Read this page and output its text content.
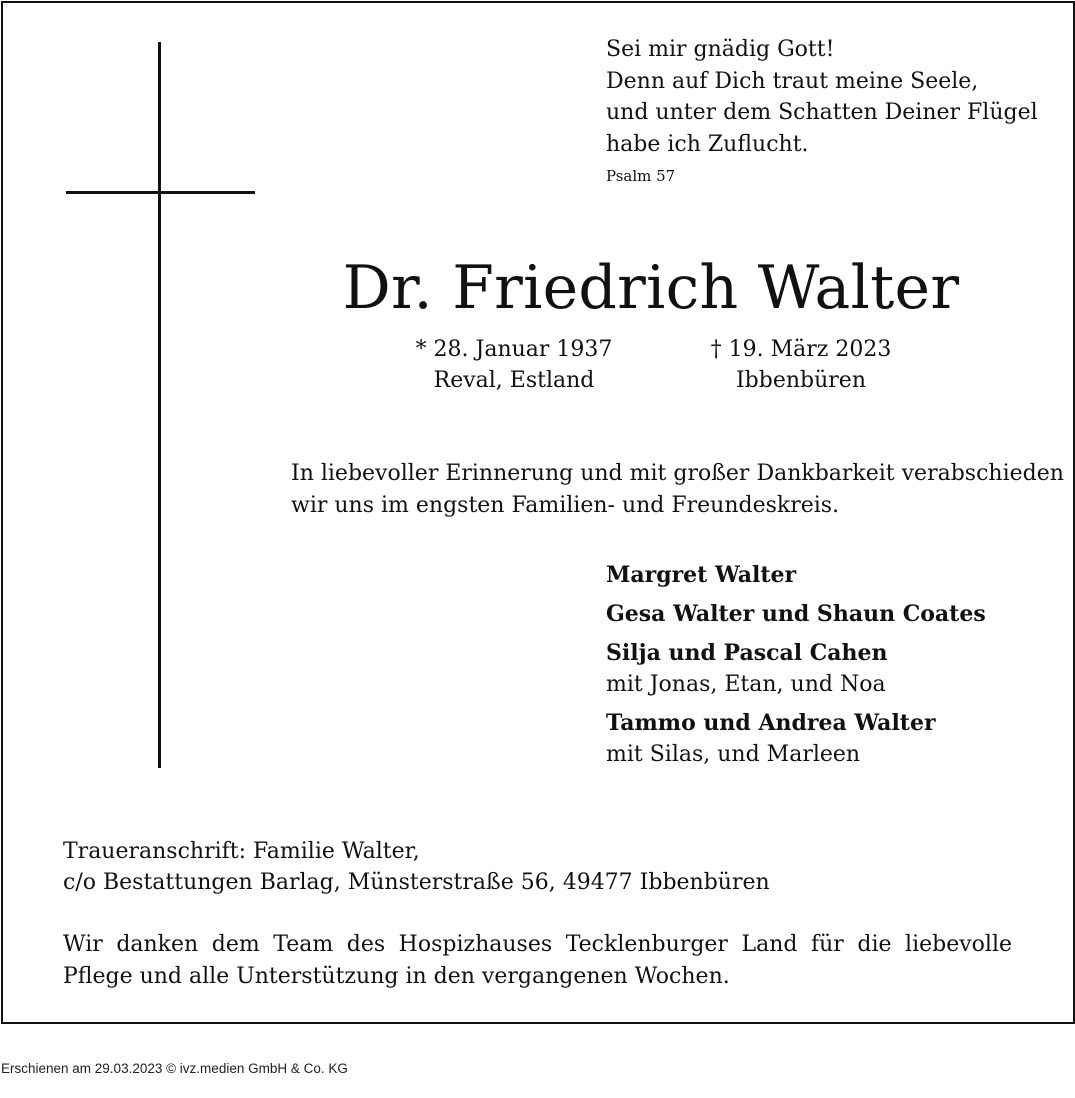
Sei mir gnädig Gott!
Denn auf Dich traut meine Seele,
und unter dem Schatten Deiner Flügel
habe ich Zuflucht.
Psalm 57
Dr. Friedrich Walter
* 28. Januar 1937
Reval, Estland
† 19. März 2023
Ibbenbüren
In liebevoller Erinnerung und mit großer Dankbarkeit verabschieden
wir uns im engsten Familien- und Freundeskreis.
Margret Walter
Gesa Walter und Shaun Coates
Silja und Pascal Cahen
mit Jonas, Etan, und Noa
Tammo und Andrea Walter
mit Silas, und Marleen
Traueranschrift: Familie Walter,
c/o Bestattungen Barlag, Münsterstraße 56, 49477 Ibbenbüren
Wir danken dem Team des Hospizhauses Tecklenburger Land für die liebevolle Pflege und alle Unterstützung in den vergangenen Wochen.
Erschienen am 29.03.2023 © ivz.medien GmbH & Co. KG
